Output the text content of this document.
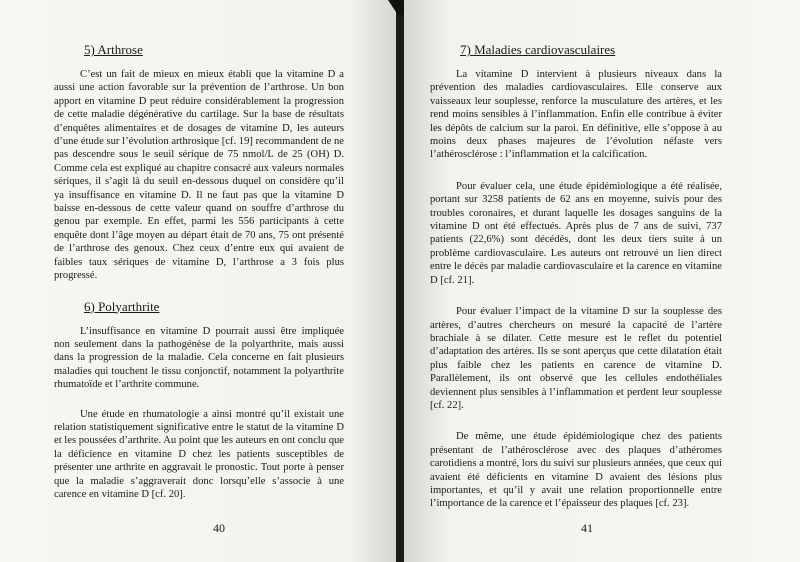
5) Arthrose

C’est un fait de mieux en mieux établi que la vitamine D a aussi une action favorable sur la prévention de l’arthrose. Un bon apport en vitamine D peut réduire considérablement la progression de cette maladie dégénérative du cartilage. Sur la base de résultats d’enquêtes alimentaires et de dosages de vitamine D, les auteurs d’une étude sur l’évolution arthrosique [cf. 19] recommandent de ne pas descendre sous le seuil sérique de 75 nmol/L de 25 (OH) D. Comme cela est expliqué au chapitre consacré aux valeurs normales sériques, il s’agit là du seuil en-dessous duquel on considère qu’il ya insuffisance en vitamine D. Il ne faut pas que la vitamine D baisse en-dessous de cette valeur quand on souffre d’arthrose du genou par exemple. En effet, parmi les 556 participants à cette enquête dont l’âge moyen au départ était de 70 ans, 75 ont présenté de l’arthrose des genoux. Chez ceux d’entre eux qui avaient de faibles taux sériques de vitamine D, l’arthrose a 3 fois plus progressé.

6) Polyarthrite

L’insuffisance en vitamine D pourrait aussi être impliquée non seulement dans la pathogénèse de la polyarthrite, mais aussi dans la progression de la maladie. Cela concerne en fait plusieurs maladies qui touchent le tissu conjonctif, notamment la polyarthrite rhumatoïde et l’arthrite commune.

Une étude en rhumatologie a ainsi montré qu’il existait une relation statistiquement significative entre le statut de la vitamine D et les poussées d’arthrite. Au point que les auteurs en ont conclu que la déficience en vitamine D chez les patients susceptibles de présenter une arthrite en aggravait le pronostic. Tout porte à penser que la maladie s’aggraverait donc lorsqu’elle s’associe à une carence en vitamine D [cf. 20].

40
7) Maladies cardiovasculaires

La vitamine D intervient à plusieurs niveaux dans la prévention des maladies cardiovasculaires. Elle conserve aux vaisseaux leur souplesse, renforce la musculature des artères, et les rend moins sensibles à l’inflammation. Enfin elle contribue à éviter les dépôts de calcium sur la paroi. En définitive, elle s’oppose à au moins deux phases majeures de l’évolution néfaste vers l’athérosclérose : l’inflammation et la calcification.

Pour évaluer cela, une étude épidémiologique a été réalisée, portant sur 3258 patients de 62 ans en moyenne, suivis pour des troubles coronaires, et durant laquelle les dosages sanguins de la vitamine D ont été effectués. Après plus de 7 ans de suivi, 737 patients (22,6%) sont décédés, dont les deux tiers suite à un problème cardiovasculaire. Les auteurs ont retrouvé un lien direct entre le décès par maladie cardiovasculaire et la carence en vitamine D [cf. 21].

Pour évaluer l’impact de la vitamine D sur la souplesse des artères, d’autres chercheurs on mesuré la capacité de l’artère brachiale à se dilater. Cette mesure est le reflet du potentiel d’adaptation des artères. Ils se sont aperçus que cette dilatation était plus faible chez les patients en carence de vitamine D. Parallèlement, ils ont observé que les cellules endothéliales deviennent plus sensibles à l’inflammation et perdent leur souplesse [cf. 22].

De même, une étude épidémiologique chez des patients présentant de l’athérosclérose avec des plaques d’athéromes carotidiens a montré, lors du suivi sur plusieurs années, que ceux qui avaient été déficients en vitamine D avaient des lésions plus importantes, et qu’il y avait une relation proportionnelle entre l’importance de la carence et l’épaisseur des plaques [cf. 23].

41
